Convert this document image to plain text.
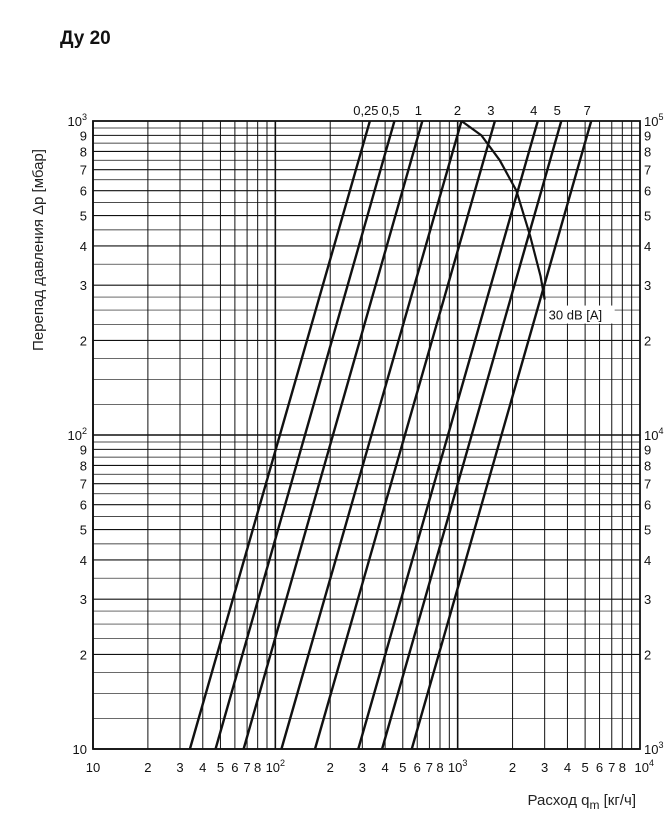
Ду 20
10	2 3 4 5 6 7 8 $10^2$	2 3 4 5 6 7 8 $10^3$	2 3 4 5 6 7 8 $10^4$
10
2
3
4
5
6
7
8
9
$10^2$
2
3
4
5
6
7
8
9
$10^3$
$10^3$
2
3
4
5
6
7
8
9
$10^4$
2
3
4
5
6
7
8
9
$10^5$
0,25 0,5 1 2 3	4 5 7
30 dB [A]
Перепад давления Δp [мбар]
Расход $q_m$ [кг/ч]
